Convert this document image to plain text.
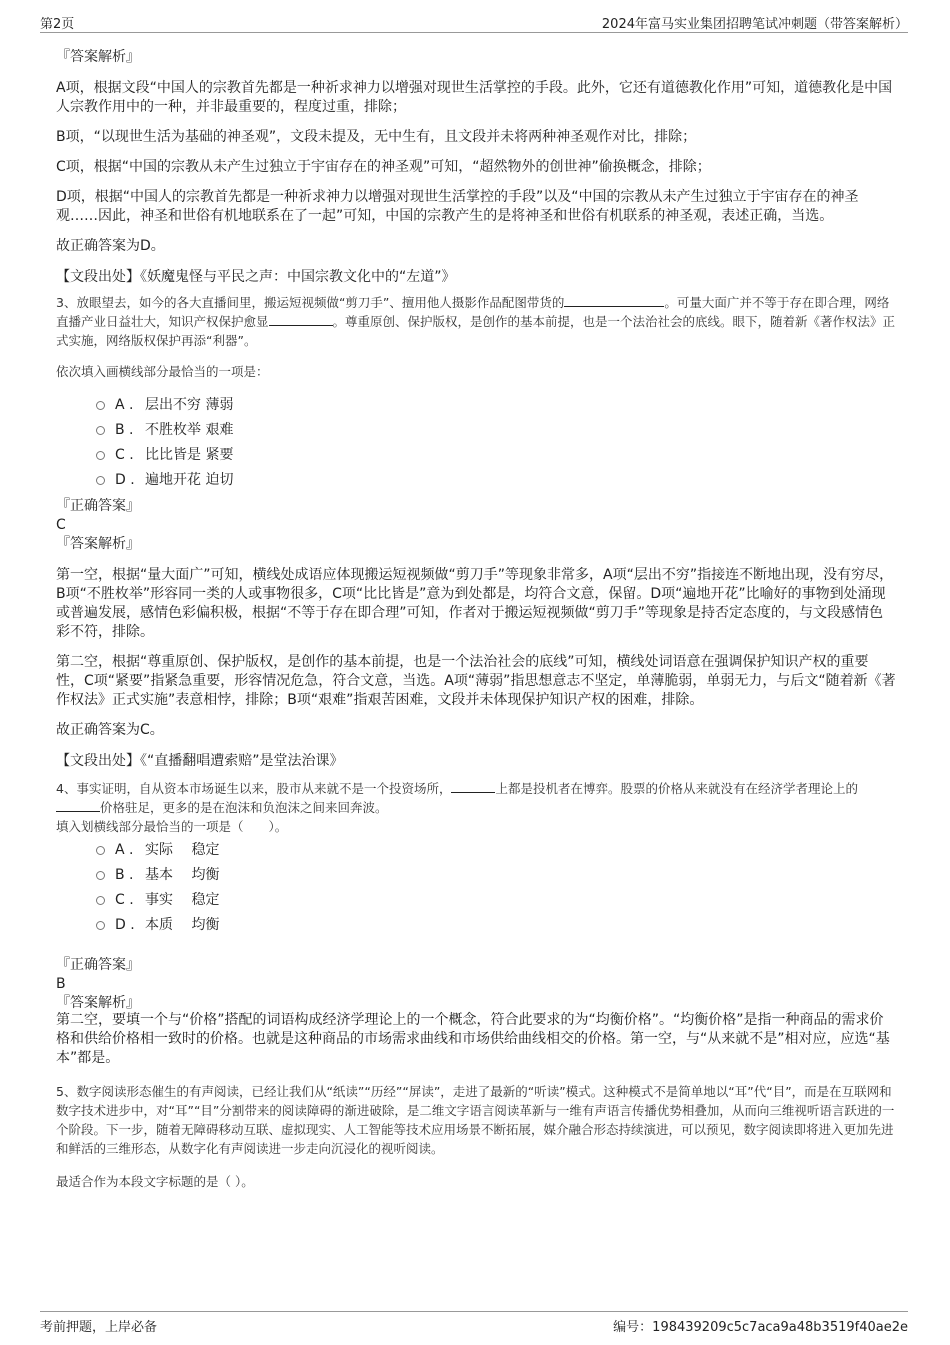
第2页	2024年富马实业集团招聘笔试冲刺题（带答案解析）

『答案解析』

A项，根据文段“中国人的宗教首先都是一种祈求神力以增强对现世生活掌控的手段。此外，它还有道德教化作用”可知，道德教化是中国人宗教作用中的一种，并非最重要的，程度过重，排除；

B项，“以现世生活为基础的神圣观”，文段未提及，无中生有，且文段并未将两种神圣观作对比，排除；

C项，根据“中国的宗教从未产生过独立于宇宙存在的神圣观”可知，“超然物外的创世神”偷换概念，排除；

D项，根据“中国人的宗教首先都是一种祈求神力以增强对现世生活掌控的手段”以及“中国的宗教从未产生过独立于宇宙存在的神圣观……因此，神圣和世俗有机地联系在了一起”可知，中国的宗教产生的是将神圣和世俗有机联系的神圣观，表述正确，当选。

故正确答案为D。

【文段出处】《妖魔鬼怪与平民之声：中国宗教文化中的“左道”》

3、放眼望去，如今的各大直播间里，搬运短视频做“剪刀手”、擅用他人摄影作品配图带货的	。可量大面广并不等于存在即合理，网络直播产业日益壮大，知识产权保护愈显	。尊重原创、保护版权，是创作的基本前提，也是一个法治社会的底线。眼下，随着新《著作权法》正式实施，网络版权保护再添“利器”。

依次填入画横线部分最恰当的一项是：

A . 层出不穷 薄弱
B . 不胜枚举 艰难
C . 比比皆是 紧要
D . 遍地开花 迫切

『正确答案』

C

『答案解析』

第一空，根据“量大面广”可知，横线处成语应体现搬运短视频做“剪刀手”等现象非常多，A项“层出不穷”指接连不断地出现，没有穷尽，B项“不胜枚举”形容同一类的人或事物很多，C项“比比皆是”意为到处都是，均符合文意，保留。D项“遍地开花”比喻好的事物到处涌现或普遍发展，感情色彩偏积极，根据“不等于存在即合理”可知，作者对于搬运短视频做“剪刀手”等现象是持否定态度的，与文段感情色彩不符，排除。

第二空，根据“尊重原创、保护版权，是创作的基本前提，也是一个法治社会的底线”可知，横线处词语意在强调保护知识产权的重要性，C项“紧要”指紧急重要，形容情况危急，符合文意，当选。A项“薄弱”指思想意志不坚定，单薄脆弱，单弱无力，与后文“随着新《著作权法》正式实施”表意相悖，排除；B项“艰难”指艰苦困难，文段并未体现保护知识产权的困难，排除。

故正确答案为C。

【文段出处】《“直播翻唱遭索赔”是堂法治课》

4、事实证明，自从资本市场诞生以来，股市从来就不是一个投资场所，	上都是投机者在博弈。股票的价格从来就没有在经济学者理论上的价格驻足，更多的是在泡沫和负泡沫之间来回奔波。

填入划横线部分最恰当的一项是（　　）。

A . 实际　 稳定
B . 基本　 均衡
C . 事实　 稳定
D . 本质　 均衡

『正确答案』

B

『答案解析』

第二空，要填一个与“价格”搭配的词语构成经济学理论上的一个概念，符合此要求的为“均衡价格”。“均衡价格”是指一种商品的需求价格和供给价格相一致时的价格。也就是这种商品的市场需求曲线和市场供给曲线相交的价格。第一空，与“从来就不是”相对应，应选“基本”都是。

5、数字阅读形态催生的有声阅读，已经让我们从“纸读”“历经”“屏读”，走进了最新的“听读”模式。这种模式不是简单地以“耳”代“目”，而是在互联网和数字技术进步中，对“耳”“目”分割带来的阅读障碍的渐进破除，是二维文字语言阅读革新与一维有声语言传播优势相叠加，从而向三维视听语言跃进的一个阶段。下一步，随着无障碍移动互联、虚拟现实、人工智能等技术应用场景不断拓展，媒介融合形态持续演进，可以预见，数字阅读即将进入更加先进和鲜活的三维形态，从数字化有声阅读进一步走向沉浸化的视听阅读。

最适合作为本段文字标题的是（ ）。

考前押题，上岸必备	编号：198439209c5c7aca9a48b3519f40ae2e
